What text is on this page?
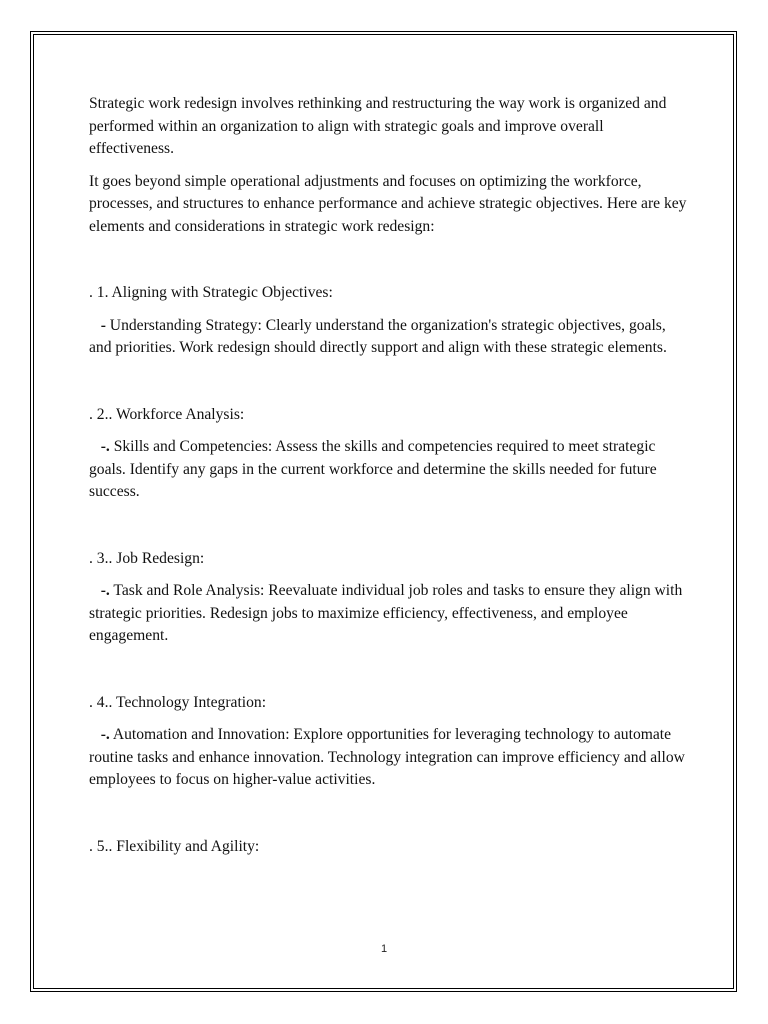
Strategic work redesign involves rethinking and restructuring the way work is organized and performed within an organization to align with strategic goals and improve overall effectiveness.

It goes beyond simple operational adjustments and focuses on optimizing the workforce, processes, and structures to enhance performance and achieve strategic objectives. Here are key elements and considerations in strategic work redesign:

. 1. Aligning with Strategic Objectives:

- Understanding Strategy: Clearly understand the organization's strategic objectives, goals, and priorities. Work redesign should directly support and align with these strategic elements.

. 2.. Workforce Analysis:

-. Skills and Competencies: Assess the skills and competencies required to meet strategic goals. Identify any gaps in the current workforce and determine the skills needed for future success.

. 3.. Job Redesign:

-. Task and Role Analysis: Reevaluate individual job roles and tasks to ensure they align with strategic priorities. Redesign jobs to maximize efficiency, effectiveness, and employee engagement.

. 4.. Technology Integration:

-. Automation and Innovation: Explore opportunities for leveraging technology to automate routine tasks and enhance innovation. Technology integration can improve efficiency and allow employees to focus on higher-value activities.

. 5.. Flexibility and Agility:

1
